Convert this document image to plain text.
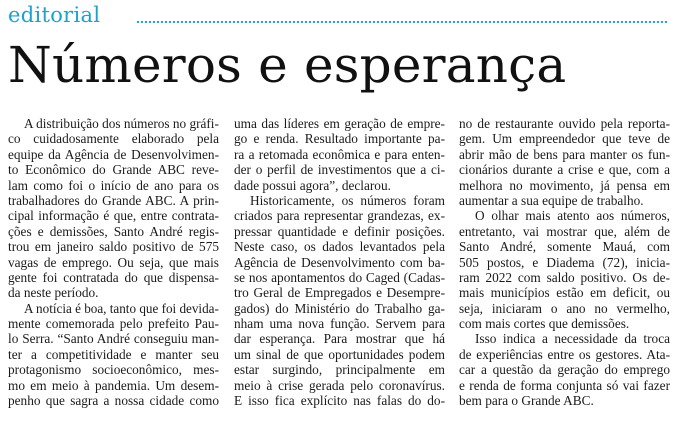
editorial
Números e esperança
A distribuição dos números no gráfi-
co cuidadosamente elaborado pela
equipe da Agência de Desenvolvimen-
to Econômico do Grande ABC reve-
lam como foi o início de ano para os
trabalhadores do Grande ABC. A prin-
cipal informação é que, entre contrata-
ções e demissões, Santo André regis-
trou em janeiro saldo positivo de 575
vagas de emprego. Ou seja, que mais
gente foi contratada do que dispensa-
da neste período.
A notícia é boa, tanto que foi devida-
mente comemorada pelo prefeito Pau-
lo Serra. “Santo André conseguiu man-
ter a competitividade e manter seu
protagonismo socioeconômico, mes-
mo em meio à pandemia. Um desem-
penho que sagra a nossa cidade como
uma das líderes em geração de empre-
go e renda. Resultado importante pa-
ra a retomada econômica e para enten-
der o perfil de investimentos que a ci-
dade possui agora”, declarou.
Historicamente, os números foram
criados para representar grandezas, ex-
pressar quantidade e definir posições.
Neste caso, os dados levantados pela
Agência de Desenvolvimento com ba-
se nos apontamentos do Caged (Cadas-
tro Geral de Empregados e Desempre-
gados) do Ministério do Trabalho ga-
nham uma nova função. Servem para
dar esperança. Para mostrar que há
um sinal de que oportunidades podem
estar surgindo, principalmente em
meio à crise gerada pelo coronavírus.
E isso fica explícito nas falas do do-
no de restaurante ouvido pela reporta-
gem. Um empreendedor que teve de
abrir mão de bens para manter os fun-
cionários durante a crise e que, com a
melhora no movimento, já pensa em
aumentar a sua equipe de trabalho.
O olhar mais atento aos números,
entretanto, vai mostrar que, além de
Santo André, somente Mauá, com
505 postos, e Diadema (72), inicia-
ram 2022 com saldo positivo. Os de-
mais municípios estão em deficit, ou
seja, iniciaram o ano no vermelho,
com mais cortes que demissões.
Isso indica a necessidade da troca
de experiências entre os gestores. Ata-
car a questão da geração do emprego
e renda de forma conjunta só vai fazer
bem para o Grande ABC.
